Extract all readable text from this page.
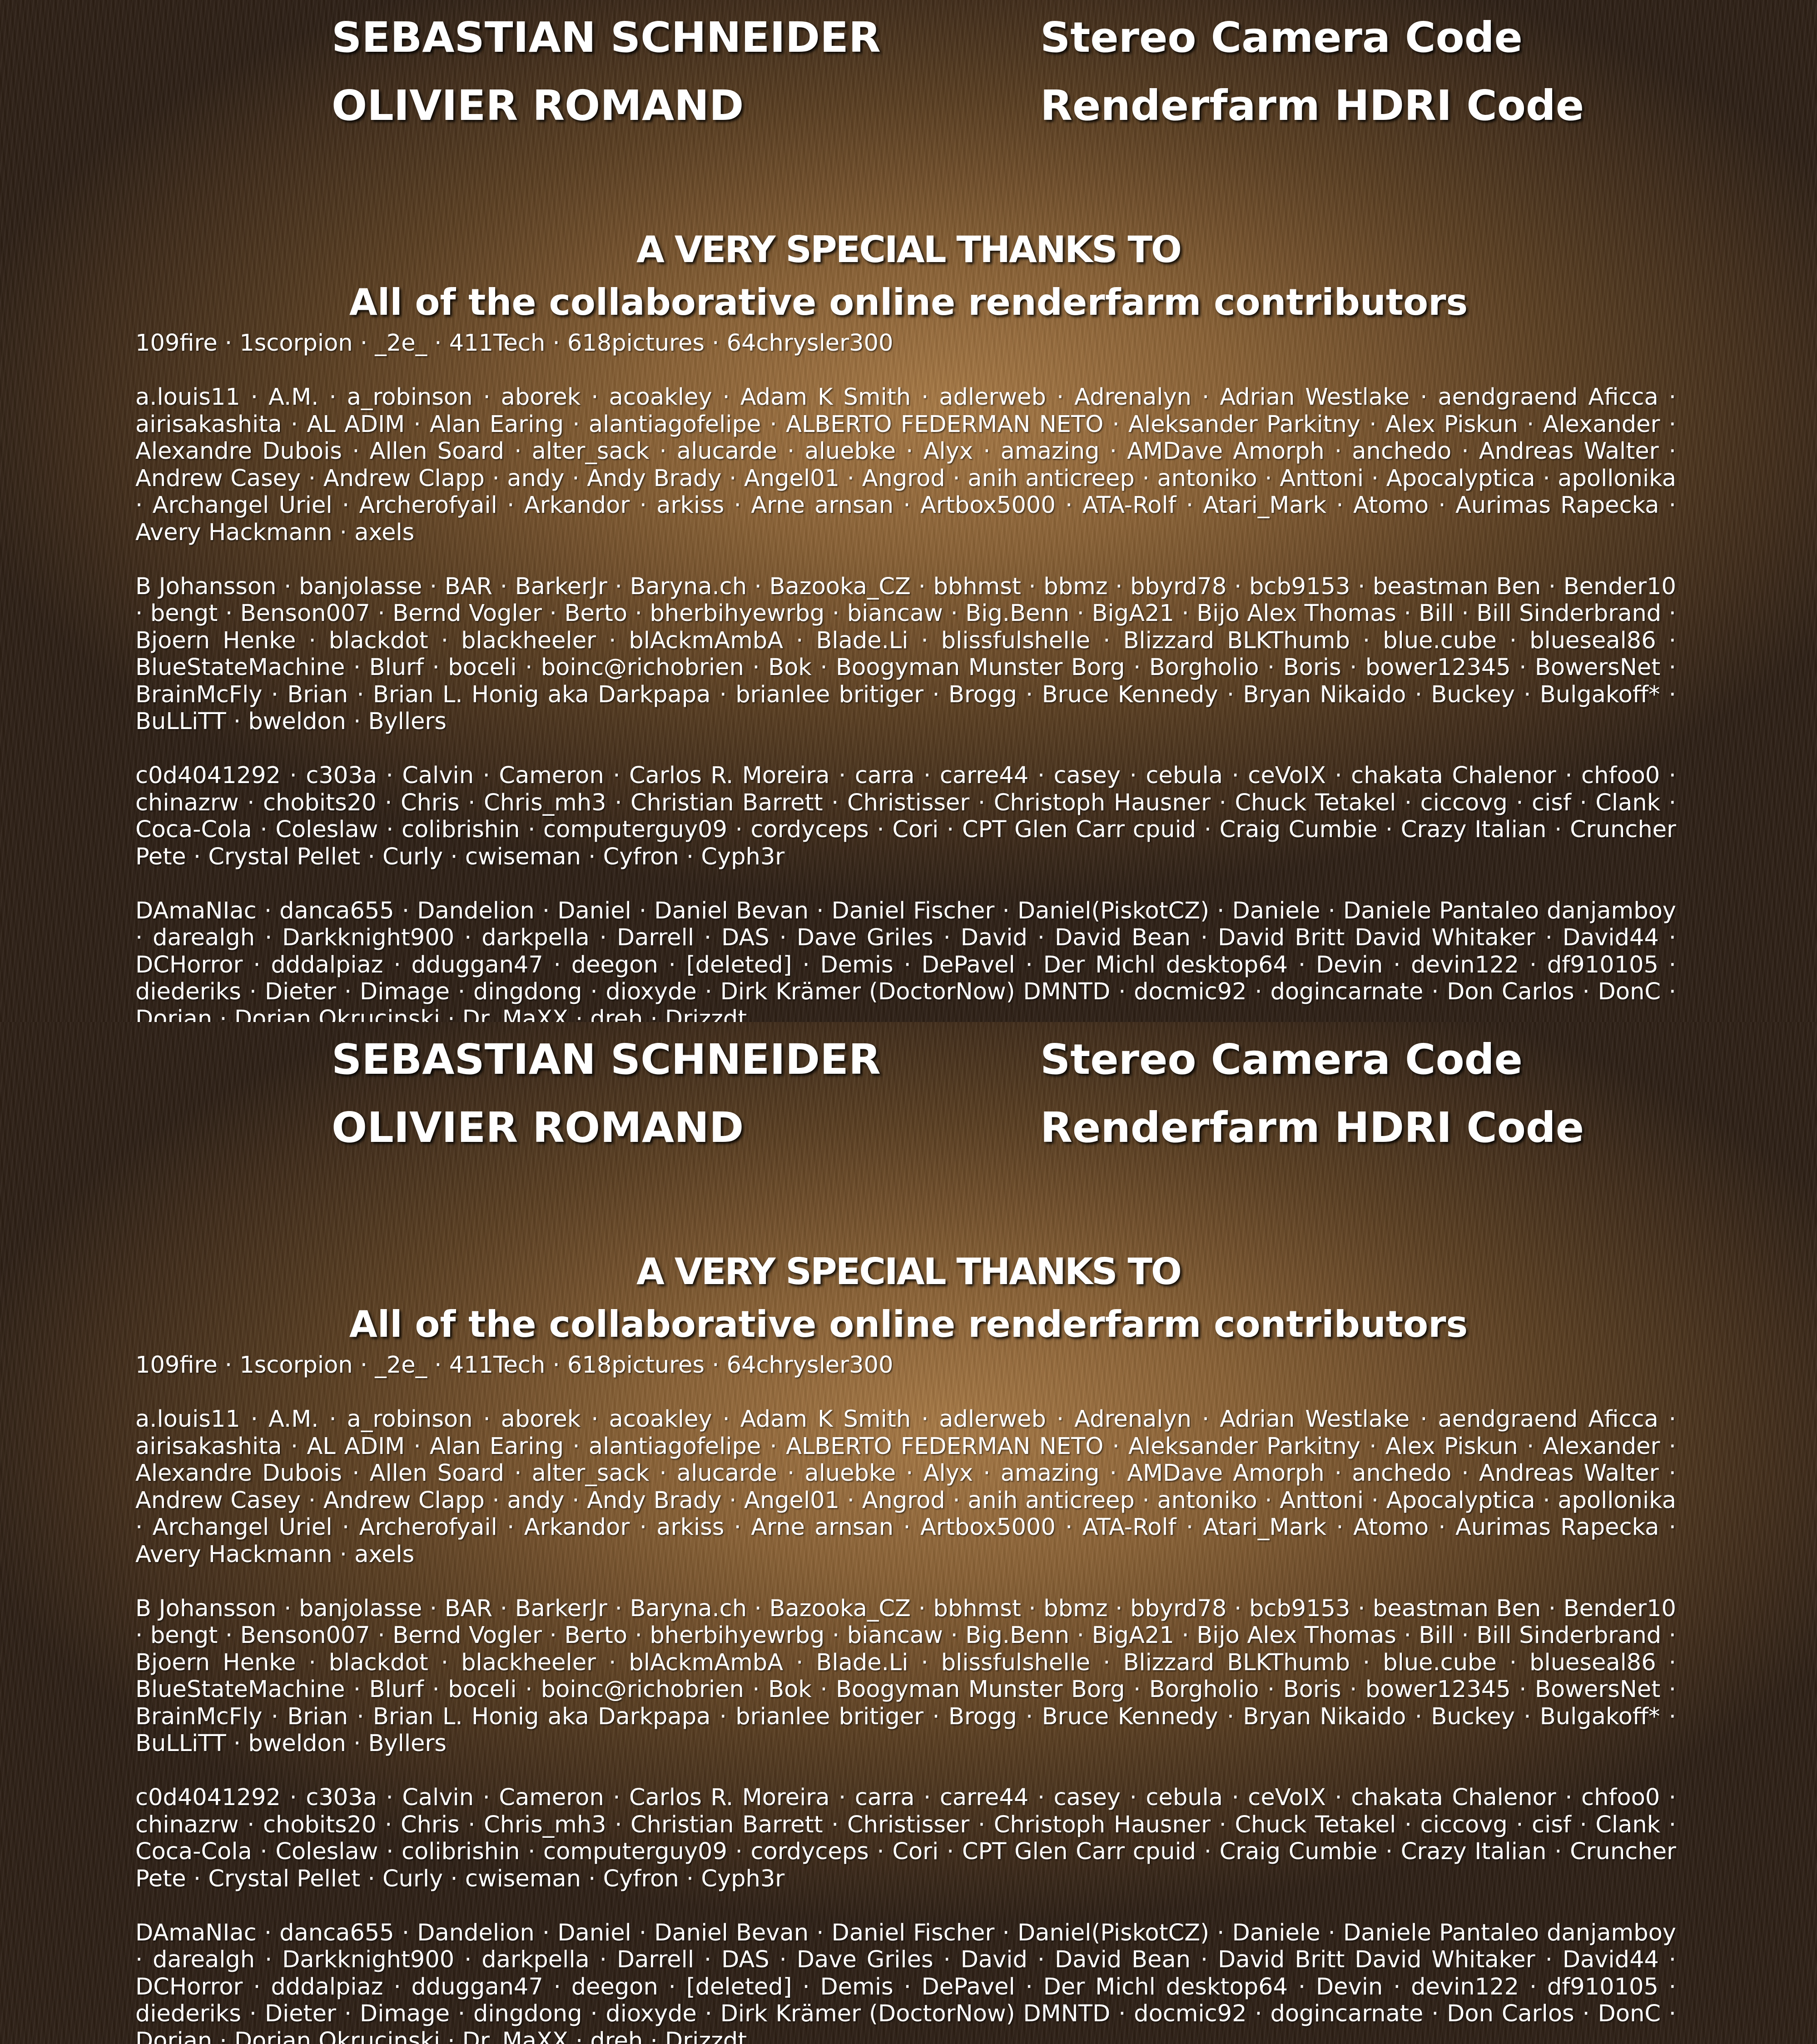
SEBASTIAN SCHNEIDER	Stereo Camera Code
OLIVIER ROMAND	Renderfarm HDRI Code
A VERY SPECIAL THANKS TO
All of the collaborative online renderfarm contributors
109fire · 1scorpion · _2e_ · 411Tech · 618pictures · 64chrysler300
a.louis11 · A.M. · a_robinson · aborek · acoakley · Adam K Smith · adlerweb · Adrenalyn · Adrian Westlake · aendgraend Aficca · airisakashita · AL ADIM · Alan Earing · alantiagofelipe · ALBERTO FEDERMAN NETO · Aleksander Parkitny · Alex Piskun · Alexander · Alexandre Dubois · Allen Soard · alter_sack · alucarde · aluebke · Alyx · amazing · AMDave Amorph · anchedo · Andreas Walter · Andrew Casey · Andrew Clapp · andy · Andy Brady · Angel01 · Angrod · anih anticreep · antoniko · Anttoni · Apocalyptica · apollonika · Archangel Uriel · Archerofyail · Arkandor · arkiss · Arne arnsan · Artbox5000 · ATA-Rolf · Atari_Mark · Atomo · Aurimas Rapecka · Avery Hackmann · axels
B Johansson · banjolasse · BAR · BarkerJr · Baryna.ch · Bazooka_CZ · bbhmst · bbmz · bbyrd78 · bcb9153 · beastman Ben · Bender10 · bengt · Benson007 · Bernd Vogler · Berto · bherbihyewrbg · biancaw · Big.Benn · BigA21 · Bijo Alex Thomas · Bill · Bill Sinderbrand · Bjoern Henke · blackdot · blackheeler · blAckmAmbA · Blade.Li · blissfulshelle · Blizzard BLKThumb · blue.cube · blueseal86 · BlueStateMachine · Blurf · boceli · boinc@richobrien · Bok · Boogyman Munster Borg · Borgholio · Boris · bower12345 · BowersNet · BrainMcFly · Brian · Brian L. Honig aka Darkpapa · brianlee britiger · Brogg · Bruce Kennedy · Bryan Nikaido · Buckey · Bulgakoff* · BuLLiTT · bweldon · Byllers
c0d4041292 · c303a · Calvin · Cameron · Carlos R. Moreira · carra · carre44 · casey · cebula · ceVoIX · chakata Chalenor · chfoo0 · chinazrw · chobits20 · Chris · Chris_mh3 · Christian Barrett · Christisser · Christoph Hausner · Chuck Tetakel · ciccovg · cisf · Clank · Coca-Cola · Coleslaw · colibrishin · computerguy09 · cordyceps · Cori · CPT Glen Carr cpuid · Craig Cumbie · Crazy Italian · Cruncher Pete · Crystal Pellet · Curly · cwiseman · Cyfron · Cyph3r
DAmaNIac · danca655 · Dandelion · Daniel · Daniel Bevan · Daniel Fischer · Daniel(PiskotCZ) · Daniele · Daniele Pantaleo danjamboy · darealgh · Darkknight900 · darkpella · Darrell · DAS · Dave Griles · David · David Bean · David Britt David Whitaker · David44 · DCHorror · dddalpiaz · dduggan47 · deegon · [deleted] · Demis · DePavel · Der Michl desktop64 · Devin · devin122 · df910105 · diederiks · Dieter · Dimage · dingdong · dioxyde · Dirk Krämer (DoctorNow) DMNTD · docmic92 · dogincarnate · Don Carlos · DonC · Dorian · Dorian Okrucinski · Dr. MaXX · dreh · Drizzdt
SEBASTIAN SCHNEIDER	Stereo Camera Code
OLIVIER ROMAND	Renderfarm HDRI Code
A VERY SPECIAL THANKS TO
All of the collaborative online renderfarm contributors
109fire · 1scorpion · _2e_ · 411Tech · 618pictures · 64chrysler300
a.louis11 · A.M. · a_robinson · aborek · acoakley · Adam K Smith · adlerweb · Adrenalyn · Adrian Westlake · aendgraend Aficca · airisakashita · AL ADIM · Alan Earing · alantiagofelipe · ALBERTO FEDERMAN NETO · Aleksander Parkitny · Alex Piskun · Alexander · Alexandre Dubois · Allen Soard · alter_sack · alucarde · aluebke · Alyx · amazing · AMDave Amorph · anchedo · Andreas Walter · Andrew Casey · Andrew Clapp · andy · Andy Brady · Angel01 · Angrod · anih anticreep · antoniko · Anttoni · Apocalyptica · apollonika · Archangel Uriel · Archerofyail · Arkandor · arkiss · Arne arnsan · Artbox5000 · ATA-Rolf · Atari_Mark · Atomo · Aurimas Rapecka · Avery Hackmann · axels
B Johansson · banjolasse · BAR · BarkerJr · Baryna.ch · Bazooka_CZ · bbhmst · bbmz · bbyrd78 · bcb9153 · beastman Ben · Bender10 · bengt · Benson007 · Bernd Vogler · Berto · bherbihyewrbg · biancaw · Big.Benn · BigA21 · Bijo Alex Thomas · Bill · Bill Sinderbrand · Bjoern Henke · blackdot · blackheeler · blAckmAmbA · Blade.Li · blissfulshelle · Blizzard BLKThumb · blue.cube · blueseal86 · BlueStateMachine · Blurf · boceli · boinc@richobrien · Bok · Boogyman Munster Borg · Borgholio · Boris · bower12345 · BowersNet · BrainMcFly · Brian · Brian L. Honig aka Darkpapa · brianlee britiger · Brogg · Bruce Kennedy · Bryan Nikaido · Buckey · Bulgakoff* · BuLLiTT · bweldon · Byllers
c0d4041292 · c303a · Calvin · Cameron · Carlos R. Moreira · carra · carre44 · casey · cebula · ceVoIX · chakata Chalenor · chfoo0 · chinazrw · chobits20 · Chris · Chris_mh3 · Christian Barrett · Christisser · Christoph Hausner · Chuck Tetakel · ciccovg · cisf · Clank · Coca-Cola · Coleslaw · colibrishin · computerguy09 · cordyceps · Cori · CPT Glen Carr cpuid · Craig Cumbie · Crazy Italian · Cruncher Pete · Crystal Pellet · Curly · cwiseman · Cyfron · Cyph3r
DAmaNIac · danca655 · Dandelion · Daniel · Daniel Bevan · Daniel Fischer · Daniel(PiskotCZ) · Daniele · Daniele Pantaleo danjamboy · darealgh · Darkknight900 · darkpella · Darrell · DAS · Dave Griles · David · David Bean · David Britt David Whitaker · David44 · DCHorror · dddalpiaz · dduggan47 · deegon · [deleted] · Demis · DePavel · Der Michl desktop64 · Devin · devin122 · df910105 · diederiks · Dieter · Dimage · dingdong · dioxyde · Dirk Krämer (DoctorNow) DMNTD · docmic92 · dogincarnate · Don Carlos · DonC · Dorian · Dorian Okrucinski · Dr. MaXX · dreh · Drizzdt
